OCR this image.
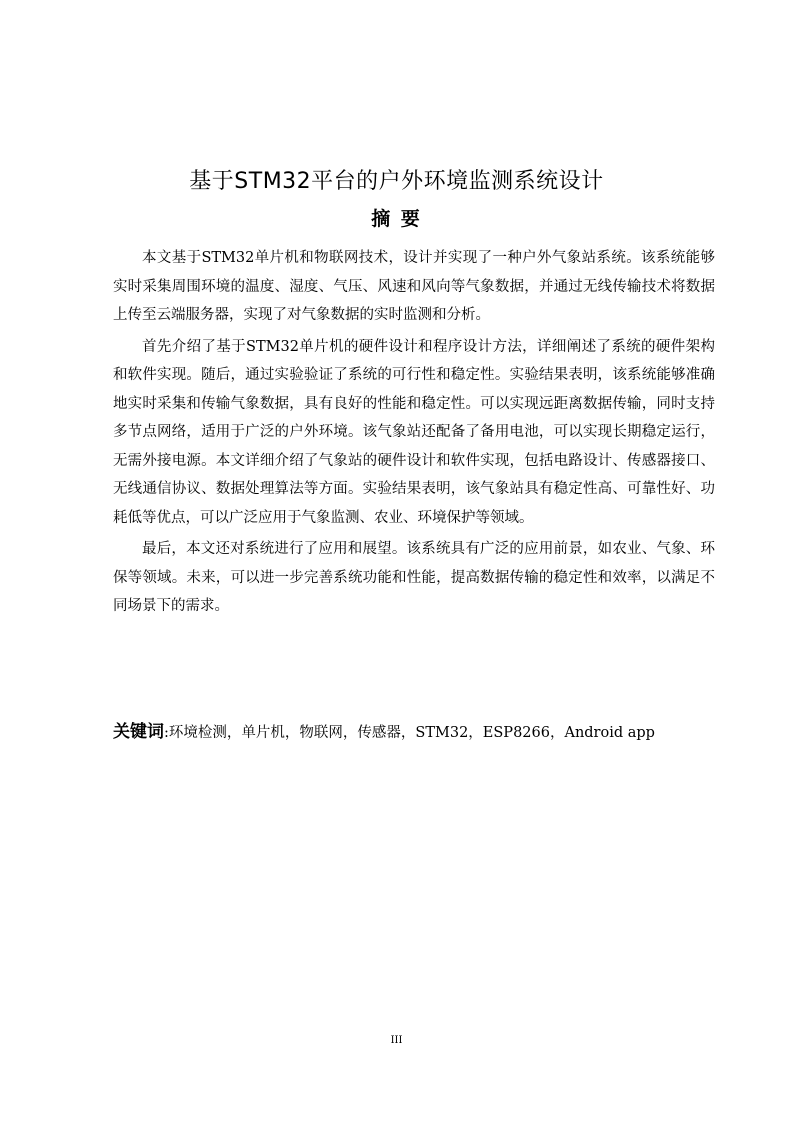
基于STM32平台的户外环境监测系统设计
摘 要

本文基于STM32单片机和物联网技术，设计并实现了一种户外气象站系统。该系统能够实时采集周围环境的温度、湿度、气压、风速和风向等气象数据，并通过无线传输技术将数据上传至云端服务器，实现了对气象数据的实时监测和分析。

首先介绍了基于STM32单片机的硬件设计和程序设计方法，详细阐述了系统的硬件架构和软件实现。随后，通过实验验证了系统的可行性和稳定性。实验结果表明，该系统能够准确地实时采集和传输气象数据，具有良好的性能和稳定性。可以实现远距离数据传输，同时支持多节点网络，适用于广泛的户外环境。该气象站还配备了备用电池，可以实现长期稳定运行，无需外接电源。本文详细介绍了气象站的硬件设计和软件实现，包括电路设计、传感器接口、无线通信协议、数据处理算法等方面。实验结果表明，该气象站具有稳定性高、可靠性好、功耗低等优点，可以广泛应用于气象监测、农业、环境保护等领域。

最后，本文还对系统进行了应用和展望。该系统具有广泛的应用前景，如农业、气象、环保等领域。未来，可以进一步完善系统功能和性能，提高数据传输的稳定性和效率，以满足不同场景下的需求。

关键词:环境检测，单片机，物联网，传感器，STM32，ESP8266，Android app
III
